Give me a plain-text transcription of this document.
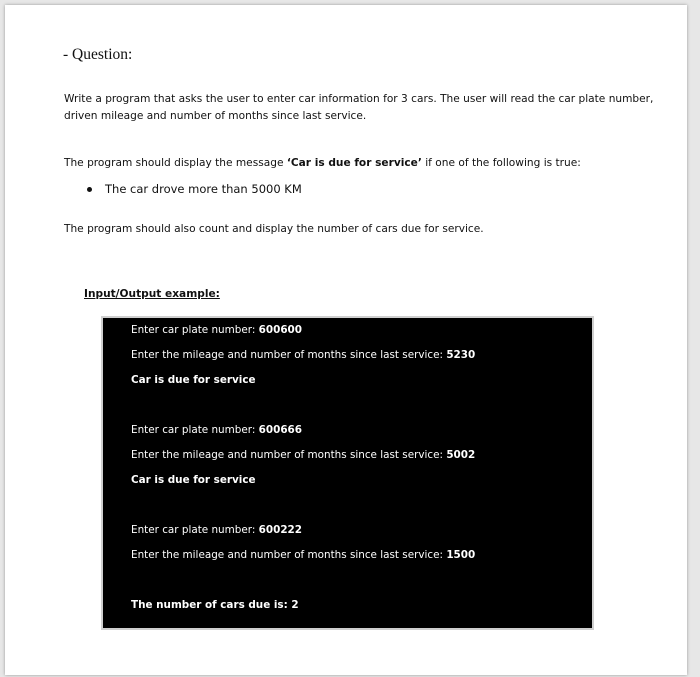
- Question:
Write a program that asks the user to enter car information for 3 cars. The user will read the car plate number, driven mileage and number of months since last service.
The program should display the message ‘Car is due for service’ if one of the following is true:
The car drove more than 5000 KM
The program should also count and display the number of cars due for service.
Input/Output example:
Enter car plate number: 600600
Enter the mileage and number of months since last service: 5230
Car is due for service
Enter car plate number: 600666
Enter the mileage and number of months since last service: 5002
Car is due for service
Enter car plate number: 600222
Enter the mileage and number of months since last service: 1500
The number of cars due is: 2
